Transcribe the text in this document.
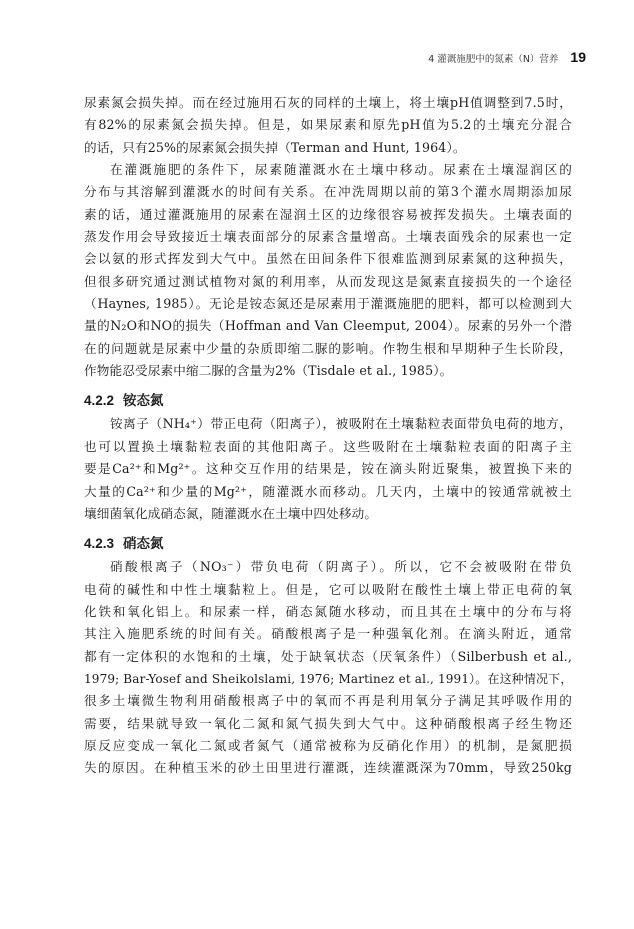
4 灌溉施肥中的氮素（N）营养 19
尿素氮会损失掉。而在经过施用石灰的同样的土壤上，将土壤pH值调整到7.5时，
有82%的尿素氮会损失掉。但是，如果尿素和原先pH值为5.2的土壤充分混合
的话，只有25%的尿素氮会损失掉（Terman and Hunt, 1964）。
在灌溉施肥的条件下，尿素随灌溉水在土壤中移动。尿素在土壤湿润区的
分布与其溶解到灌溉水的时间有关系。在冲洗周期以前的第3个灌水周期添加尿
素的话，通过灌溉施用的尿素在湿润土区的边缘很容易被挥发损失。土壤表面的
蒸发作用会导致接近土壤表面部分的尿素含量增高。土壤表面残余的尿素也一定
会以氨的形式挥发到大气中。虽然在田间条件下很难监测到尿素氮的这种损失，
但很多研究通过测试植物对氮的利用率，从而发现这是氮素直接损失的一个途径
（Haynes, 1985）。无论是铵态氮还是尿素用于灌溉施肥的肥料，都可以检测到大
量的N₂O和NO的损失（Hoffman and Van Cleemput, 2004）。尿素的另外一个潜
在的问题就是尿素中少量的杂质即缩二脲的影响。作物生根和早期种子生长阶段，
作物能忍受尿素中缩二脲的含量为2%（Tisdale et al., 1985）。
4.2.2 铵态氮
铵离子（NH₄⁺）带正电荷（阳离子），被吸附在土壤黏粒表面带负电荷的地方，
也可以置换土壤黏粒表面的其他阳离子。这些吸附在土壤黏粒表面的阳离子主
要是Ca²⁺和Mg²⁺。这种交互作用的结果是，铵在滴头附近聚集，被置换下来的
大量的Ca²⁺和少量的Mg²⁺，随灌溉水而移动。几天内，土壤中的铵通常就被土
壤细菌氧化成硝态氮，随灌溉水在土壤中四处移动。
4.2.3 硝态氮
硝酸根离子（NO₃⁻）带负电荷（阴离子）。所以，它不会被吸附在带负
电荷的碱性和中性土壤黏粒上。但是，它可以吸附在酸性土壤上带正电荷的氧
化铁和氧化铝上。和尿素一样，硝态氮随水移动，而且其在土壤中的分布与将
其注入施肥系统的时间有关。硝酸根离子是一种强氧化剂。在滴头附近，通常
都有一定体积的水饱和的土壤，处于缺氧状态（厌氧条件）（Silberbush et al.,
1979; Bar-Yosef and Sheikolslami, 1976; Martinez et al., 1991）。在这种情况下，
很多土壤微生物利用硝酸根离子中的氧而不再是利用氧分子满足其呼吸作用的
需要，结果就导致一氧化二氮和氮气损失到大气中。这种硝酸根离子经生物还
原反应变成一氧化二氮或者氮气（通常被称为反硝化作用）的机制，是氮肥损
失的原因。在种植玉米的砂土田里进行灌溉，连续灌溉深为70mm，导致250kg
